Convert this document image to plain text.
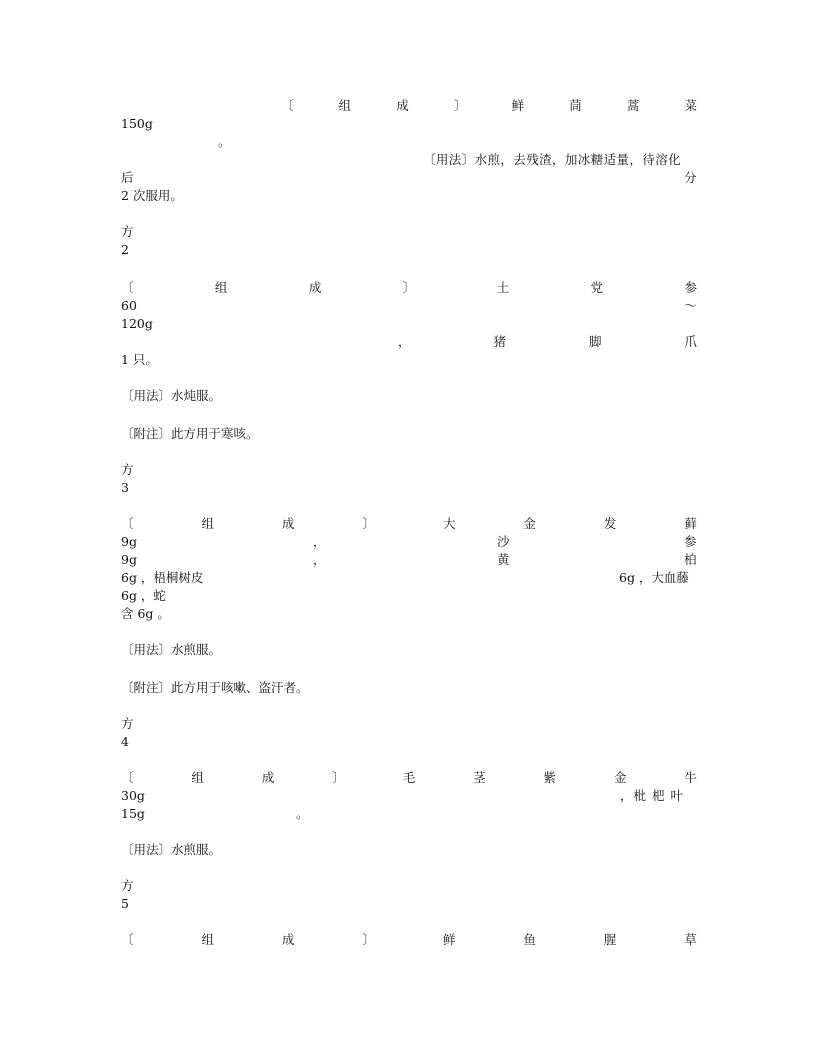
〔	组	成	〕	鲜	茼	蒿	菜
150g
。
〔用法〕水煎，去残渣，加冰糖适量，待溶化
后	分
2 次服用。
方
2
〔	组	成	〕	土	党	参
60	～
120g
，	猪	脚	爪
1 只。
〔用法〕水炖服。
〔附注〕此方用于寒咳。
方
3
〔	组	成	〕	大	金	发	藓
9g	，	沙	参
9g	，	黄	柏
6g ，梧桐树皮	6g ，大血藤
6g ，蛇
含 6g 。
〔用法〕水煎服。
〔附注〕此方用于咳嗽、盗汗者。
方
4
〔	组	成	〕	毛	茎	紫	金	牛
30g	，枇 杷 叶
15g	。
〔用法〕水煎服。
方
5
〔	组	成	〕	鲜	鱼	腥	草
